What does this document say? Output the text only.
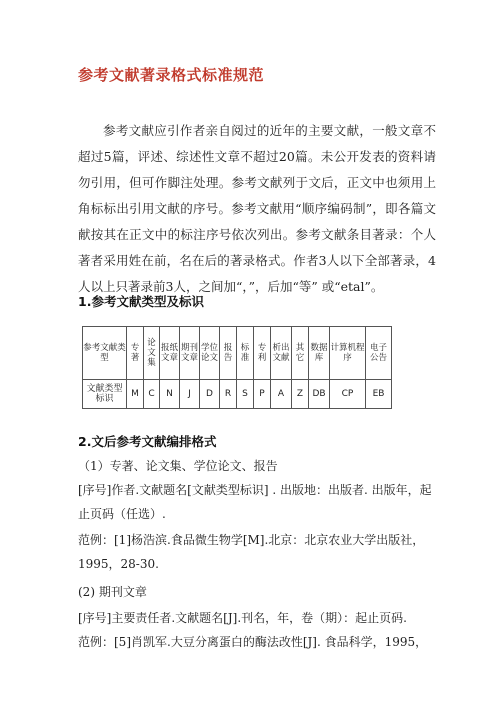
参考文献著录格式标准规范

参考文献应引作者亲自阅过的近年的主要文献，一般文章不超过5篇，评述、综述性文章不超过20篇。未公开发表的资料请勿引用，但可作脚注处理。参考文献列于文后，正文中也须用上角标标出引用文献的序号。参考文献用“顺序编码制”，即各篇文献按其在正文中的标注序号依次列出。参考文献条目著录：个人著者采用姓在前，名在后的著录格式。作者3人以下全部著录，4人以上只著录前3人，之间加“，”，后加“等” 或“etal”。

1.参考文献类型及标识
参考文献类型	专著	论文集	报纸文章	期刊文章	学位论文	报告	标准	专利	析出文献	其它	数据库	计算机程序	电子公告
文献类型标识	M	C	N	J	D	R	S	P	A	Z	DB	CP	EB
2.文后参考文献编排格式

（1）专著、论文集、学位论文、报告

[序号]作者.文献题名[文献类型标识] . 出版地：出版者. 出版年，起止页码（任选）.

范例：[1]杨浩滨.食品微生物学[M].北京：北京农业大学出版社，1995，28-30.

(2) 期刊文章

[序号]主要责任者.文献题名[J].刊名，年，卷（期）：起止页码.

范例：[5]肖凯军.大豆分离蛋白的酶法改性[J]. 食品科学，1995，
